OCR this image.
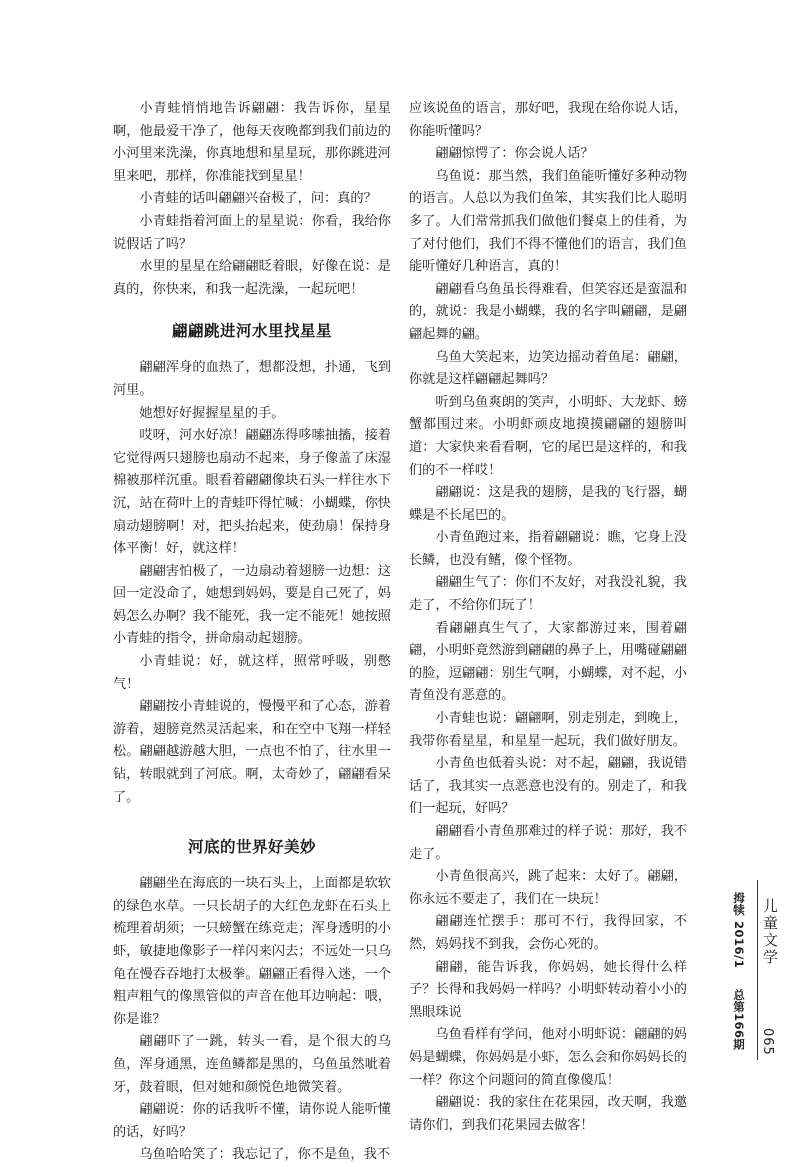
小青蛙悄悄地告诉翩翩：我告诉你，星星啊，他最爱干净了，他每天夜晚都到我们前边的小河里来洗澡，你真地想和星星玩，那你跳进河里来吧，那样，你准能找到星星！

小青蛙的话叫翩翩兴奋极了，问：真的？

小青蛙指着河面上的星星说：你看，我给你说假话了吗？

水里的星星在给翩翩眨着眼，好像在说：是真的，你快来，和我一起洗澡，一起玩吧！

翩翩跳进河水里找星星

翩翩浑身的血热了，想都没想，扑通，飞到河里。

她想好好握握星星的手。

哎呀，河水好凉！翩翩冻得哆嗦抽搐，接着它觉得两只翅膀也扇动不起来，身子像盖了床湿棉被那样沉重。眼看着翩翩像块石头一样往水下沉，站在荷叶上的青蛙吓得忙喊：小蝴蝶，你快扇动翅膀啊！对，把头抬起来，使劲扇！保持身体平衡！好，就这样！

翩翩害怕极了，一边扇动着翅膀一边想：这回一定没命了，她想到妈妈，要是自己死了，妈妈怎么办啊？我不能死，我一定不能死！她按照小青蛙的指令，拼命扇动起翅膀。

小青蛙说：好，就这样，照常呼吸，别憋气！

翩翩按小青蛙说的，慢慢平和了心态，游着游着，翅膀竟然灵活起来，和在空中飞翔一样轻松。翩翩越游越大胆，一点也不怕了，往水里一钻，转眼就到了河底。啊，太奇妙了，翩翩看呆了。

河底的世界好美妙

翩翩坐在海底的一块石头上，上面都是软软的绿色水草。一只长胡子的大红色龙虾在石头上梳理着胡须；一只螃蟹在练竞走；浑身透明的小虾，敏捷地像影子一样闪来闪去；不远处一只乌龟在慢吞吞地打太极拳。翩翩正看得入迷，一个粗声粗气的像黑管似的声音在他耳边响起：喂，你是谁？

翩翩吓了一跳，转头一看，是个很大的乌鱼，浑身通黑，连鱼鳞都是黑的，乌鱼虽然呲着牙，鼓着眼，但对她和颜悦色地微笑着。

翩翩说：你的话我听不懂，请你说人能听懂的话，好吗？

乌鱼哈哈笑了：我忘记了，你不是鱼，我不

应该说鱼的语言，那好吧，我现在给你说人话，你能听懂吗？

翩翩惊愕了：你会说人话？

乌鱼说：那当然，我们鱼能听懂好多种动物的语言。人总以为我们鱼笨，其实我们比人聪明多了。人们常常抓我们做他们餐桌上的佳肴，为了对付他们，我们不得不懂他们的语言，我们鱼能听懂好几种语言，真的！

翩翩看乌鱼虽长得难看，但笑容还是蛮温和的，就说：我是小蝴蝶，我的名字叫翩翩，是翩翩起舞的翩。

乌鱼大笑起来，边笑边摇动着鱼尾：翩翩，你就是这样翩翩起舞吗？

听到乌鱼爽朗的笑声，小明虾、大龙虾、螃蟹都围过来。小明虾顽皮地摸摸翩翩的翅膀叫道：大家快来看看啊，它的尾巴是这样的，和我们的不一样哎！

翩翩说：这是我的翅膀，是我的飞行器，蝴蝶是不长尾巴的。

小青鱼跑过来，指着翩翩说：瞧，它身上没长鳞，也没有鳍，像个怪物。

翩翩生气了：你们不友好，对我没礼貌，我走了，不给你们玩了！

看翩翩真生气了，大家都游过来，围着翩翩，小明虾竟然游到翩翩的鼻子上，用嘴碰翩翩的脸，逗翩翩：别生气啊，小蝴蝶，对不起，小青鱼没有恶意的。

小青蛙也说：翩翩啊，别走别走，到晚上，我带你看星星，和星星一起玩，我们做好朋友。

小青鱼也低着头说：对不起，翩翩，我说错话了，我其实一点恶意也没有的。别走了，和我们一起玩，好吗？

翩翩看小青鱼那难过的样子说：那好，我不走了。

小青鱼很高兴，跳了起来：太好了。翩翩，你永远不要走了，我们在一块玩！

翩翩连忙摆手：那可不行，我得回家，不然，妈妈找不到我，会伤心死的。

翩翩，能告诉我，你妈妈，她长得什么样子？长得和我妈妈一样吗？小明虾转动着小小的黑眼珠说

乌鱼看样有学问，他对小明虾说：翩翩的妈妈是蝴蝶，你妈妈是小虾，怎么会和你妈妈长的一样？你这个问题问的简直像傻瓜！

翩翩说：我的家住在花果园，改天啊，我邀请你们，到我们花果园去做客！

拇犊 2016/1  总第166期
儿童文学
065
